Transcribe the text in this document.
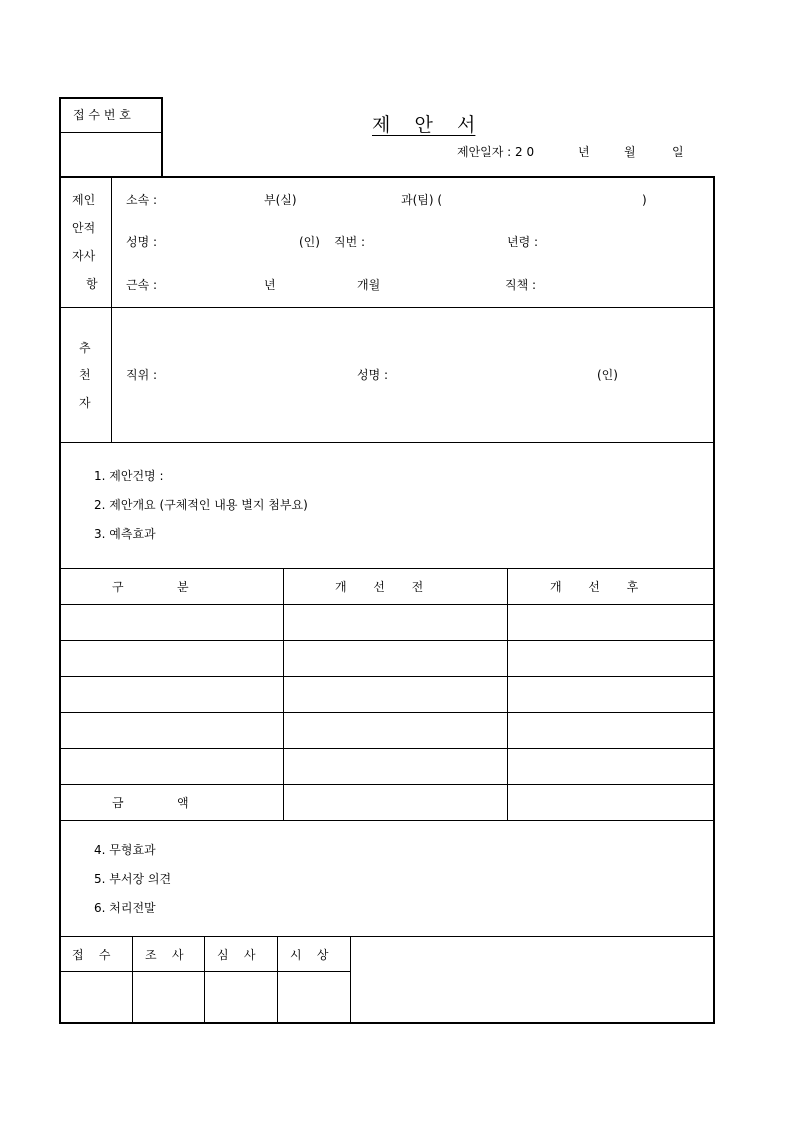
접 수 번 호	제    안    서
제안일자 : 2 0	년	월	일
제인
안적
자사
항
소속 :	부(실)	과(팀) (	)
성명 :	(인) 직번 :	년령 :
근속 :	년	개월	직책 :
추
천
자
직위 :	성명 :	(인)
1. 제안건명 :
2. 제안개요 (구체적인 내용 별지 첨부요)
3. 예측효과
구              분	개       선       전	개       선       후
금              액
4. 무형효과
5. 부서장 의견
6. 처리전말
접    수	조    사	심    사	시    상
